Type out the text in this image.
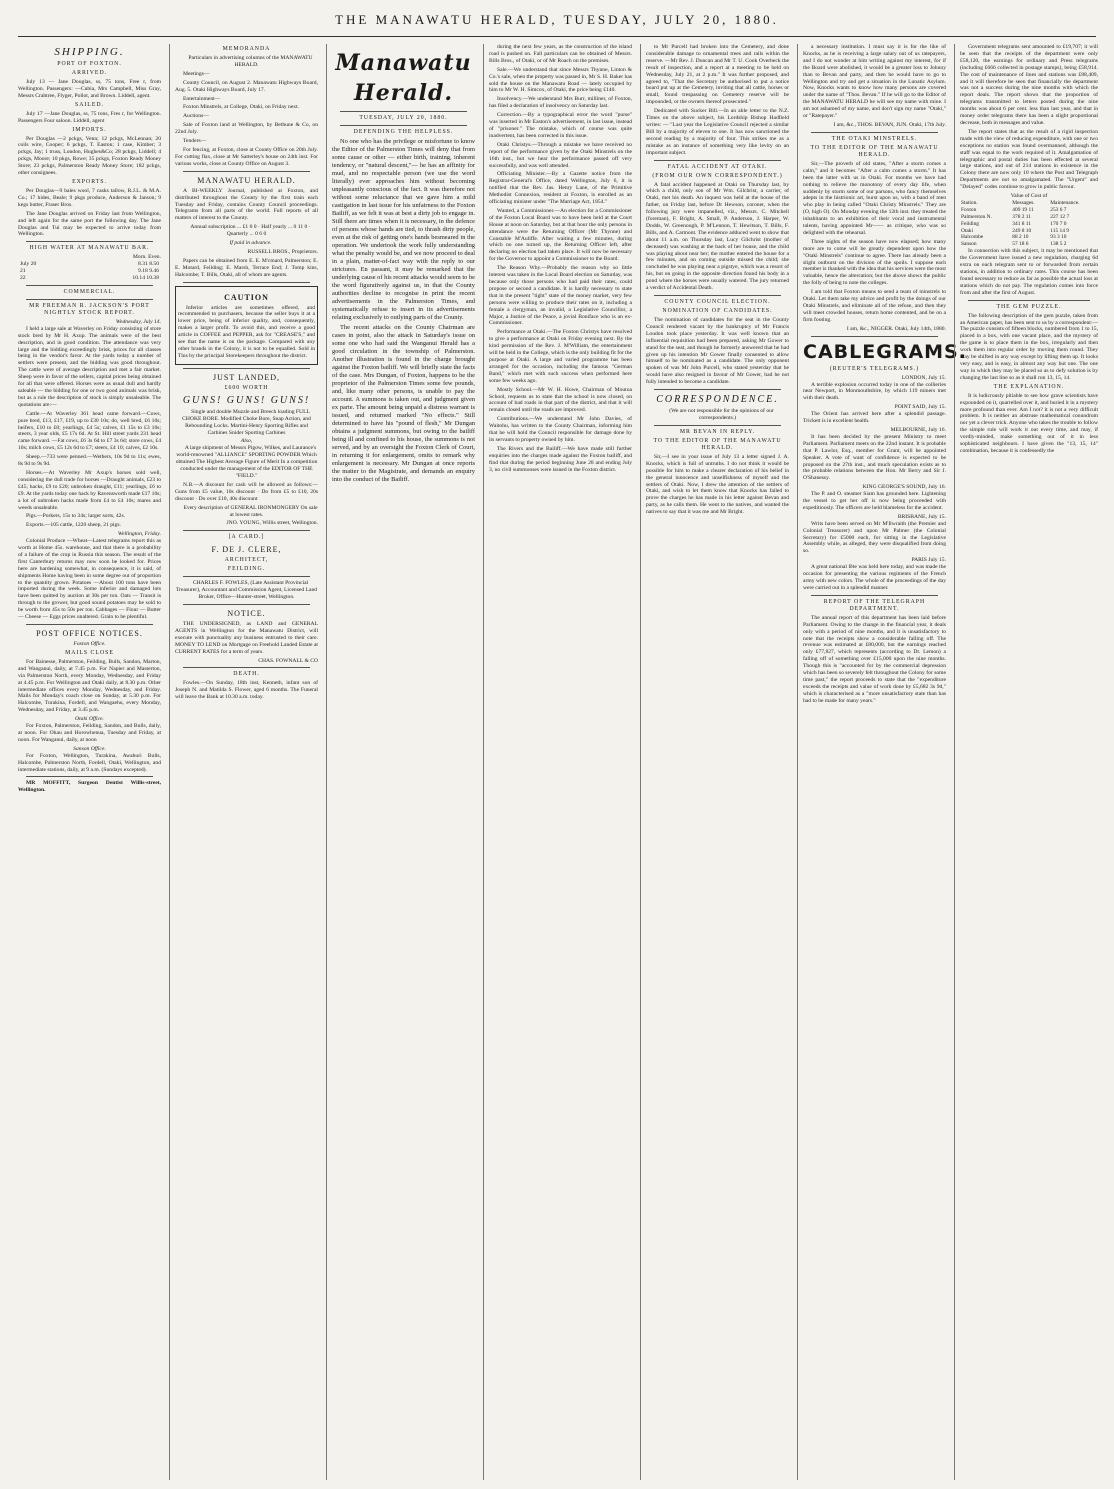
THE MANAWATU HERALD, TUESDAY, JULY 20, 1880.
SHIPPING.
PORT OF FOXTON.
ARRIVED.

July 13 — Jane Douglas, ss, 75 tons, Free r, from Wellington. Passengers: —Cubia, Mrs Campbell, Miss Gray, Messrs Crabtree, Flyger, Pollot, and Brown. Liddell, agent.

SAILED.

July 17 —Jane Douglas, ss, 75 tons, Fres r, for Wellington. Passengers Four saloon. Liddell, agent

IMPORTS.

Per Douglas —2 pckgs, Venn; 12 pckgs, McLennan; 20 coils wire, Cooper; 6 pckgs, T. Easton; 1 case, Kimber; 3 pckgs, Jay; 1 truss, London, Hughes&Co; 28 pckgs, Liddell; 4 pckgs, Moore; 10 pkgs, Rowe; 35 pckgs, Foxton Ready Money Store; 23 pckgs, Palmerston Ready Money Store; 182 pckgs, other consignees.

EXPORTS.

Per Douglas—9 bales wool, 7 casks tallow, R.J.L. & M.A. Co.; 17 hides, Beale; 9 pkgs produce, Anderson & Janson; 9 kegs butter, Fraser Bros.

The Jane Douglas arrived on Friday last from Wellington, and left again for the same port the following day. The Jane Douglas and Tui may be expected to arrive today from Wellington.

HIGH WATER AT MANAWATU BAR.
Morn. Even.
July 20	8.31 8.50
21	9.18 9.46
22	10.14 10.38
COMMERCIAL.
MR FREEMAN R. JACKSON'S PORT NIGHTLY STOCK REPORT.
Wednesday, July 14.

I held a large sale at Waverley on Friday consisting of store stock bred by Mr H. Axup. The animals were of the best description, and in good condition. The attendance was very large and the bidding exceedingly brisk, prices for all classes being in the vendor's favor. At the yards today a number of settlers were present, and the bidding was good throughout. The cattle were of average description and met a fair market. Sheep were in favor of the sellers, capital prices being obtained for all that were offered. Horses were as usual dull and hardly saleable — the bidding for one or two good animals was brisk, but as a rule the description of stock is simply unsaleable. The quotations are:—

Cattle.—At Waverley 361 head came forward.—Cows, pure bred, £13, £17, £19, up to £30 10s; do, well bred, £6 10s; heifers, £10 to £8; yearlings, £4 5s; calves, £1 15s to £3 10s; steers, 3 year olds, £5 17s 6d. At St. Hill street yards 231 head came forward. —Fat cows, £6 3s 6d to £7 3s 6d; store cows, £4 10s; milch cows, £5 12s 6d to £7; steers, £4 10; calves, £2 10s.

Sheep.—733 were penned.—Wethers, 10s 9d to 11s; ewes, 8s 9d to 9s 9d.

Horses.—At Waverley Mr Axup's horses sold well, considering the dull trade for horses —Draught animals, £23 to £45; hacks, £9 to £20; unbroken draught, £11; yearlings, £6 to £9. At the yards today one hack by Ravensworth made £17 10s; a lot of unbroken hacks made from £4 to £4 10s; mares and weeds unsaleable.

Pigs.—Porkers, 15s to 34s; larger sorts, 42s.

Exports.—105 cattle, 1220 sheep, 21 pigs.

Wellington, Friday.

Colonial Produce —Wheat—Latest telegrams report this as worth at Home 45s. warehouse, and that there is a probability of a failure of the crop in Russia this season. The result of the first Canterbury returns may now soon be looked for. Prices here are hardening somewhat, in consequence, it is said, of shipments Home having been in some degree out of proportion to the quantity grown. Potatoes —About 100 tons have been imported during the week. Some inferior and damaged lots have been quitted by auction at 30s per ton. Oats — Transit is through to the grower, but good sound potatoes may be sold to be worth from 45s to 50s per ton. Cabbages — Flour — Butter — Cheese — Eggs prices unaltered. Grain to be plentiful.

POST OFFICE NOTICES.
Foxton Office.
MAILS CLOSE

For Bainesse, Palmerston, Feilding, Bulls, Sandon, Marton, and Wanganui, daily, at 7.45 p.m. For Napier and Masterton, via Palmerston North, every Monday, Wednesday, and Friday at 4.45 p.m. For Wellington and Otaki daily, at 8.30 p.m. Other intermediate offices every Monday, Wednesday, and Friday. Mails for Monday's coach close on Sunday, at 5.30 p.m. For Halcombe, Turakina, Fordell, and Wangaehu, every Monday, Wednesday, and Friday, at 3.45 p.m.

Otaki Office.

For Foxton, Palmerston, Feilding, Sandon, and Bulls, daily, at noon. For Ohau and Horowhenua, Tuesday and Friday, at noon. For Wanganui, daily, at noon

Sanson Office.

For Foxton, Wellington, Turakina, Awahuri Bulls, Halcombe, Palmerston North, Fordell, Otaki, Wellington, and intermediate stations, daily, at 9 a.m. (Sundays excepted).

MR MOFFITT, Surgeon Dentist Willis-street, Wellington.

MEMORANDA

Particulars in advertising columns of the MANAWATU HERALD.

Meetings—

County Council, on August 2. Manawatu Highways Board, Aug. 5. Otaki Highways Board, July 17.

Entertainment—

Foxton Minstrels, at College, Otaki, on Friday next.

Auctions—

Sale of Foxton land at Wellington, by Bethune & Co, on 22nd July.

Tenders—

For fencing, at Foxton, close at County Office on 20th July. For cutting flax, close at Mr Satterley's house on 24th inst. For various works, close at County Office on August 3.

MANAWATU HERALD.

A BI-WEEKLY Journal, published at Foxton, and distributed throughout the County by the first train each Tuesday and Friday, contains County Council proceedings. Telegrams from all parts of the world. Full reports of all matters of interest to the County.

Annual subscription ... £1 0 0 · Half yearly ... 0 11 0 · Quarterly ... 0 6 0

If paid in advance.

RUSSELL BROS., Proprietors.

Papers can be obtained from E. E. M'cmard, Palmerston; E. E. Motard, Feilding; E. Marsh, Terrace End; J. Tomp kins, Halcombe; T. Bills, Otaki, all of whom are agents.

CAUTION

Inferior articles are sometimes offered, and recommended to purchasers, because the seller buys it at a lower price, being of inferior quality, and, consequently, makes a larger profit. To avoid this, and receive a good article in COFFEE and PEPPER, ask for "CREASE'S," and see that the name is on the package. Compared with any other brands in the Colony, it is not to be equalled. Sold in Tins by the principal Storekeepers throughout the district.

JUST LANDED,
£600 WORTH
GUNS! GUNS! GUNS!

Single and double Muzzle and Breech loading FULL CHOKE BORE. Modified Choke Bore, Snap Action, and Rebounding Locks. Martini-Henry Sporting Rifles and Carbines Snider Sporting Carbines

Also,

A large shipment of Messrs Pigow, Wilkes, and Laurance's world-renowned "ALLIANCE" SPORTING POWDER Which obtained The Highest Average Figure of Merit In a competition conducted under the management of the EDITOR OF THE "FIELD."

N.B.—A discount for cash will be allowed as follows:— Guns from £5 value, 10s discount · Do from £5 to £10, 20s discount · Do over £10, 40s discount

Every description of GENERAL IRONMONGERY On sale at lowest rates.

JNO. YOUNG, Willis street, Wellington.

[A CARD.]
F. DE J. CLERE,
ARCHITECT,
FEILDING.

CHARLES F. FOWLES, (Late Assistant Provincial Treasurer), Accountant and Commission Agent, Licensed Land Broker, Office—Hunter-street, Wellington.

NOTICE.

THE UNDERSIGNED, as LAND and GENERAL AGENTS in Wellington for the Manawatu District, will execute with punctuality any business entrusted to their care. MONEY TO LEND on Mortgage on Freehold Landed Estate at CURRENT RATES for a term of years.

CHAS. FOWNALL & CO

DEATH.

Fowles.—On Sunday, 18th inst, Kenneth, infant son of Joseph N. and Matilda S. Flower, aged 6 months. The Funeral will leave the Bank at 10.30 a.m. today.

Manawatu Herald.
TUESDAY, JULY 20, 1880.
DEFENDING THE HELPLESS.

No one who has the privilege or misfortune to know the Editor of the Palmerston Times will deny that from some cause or other — either birth, training, inherent tendency, or "natural descent,"— he has an affinity for mud, and no respectable person (we use the word literally) ever approaches him without becoming unpleasantly conscious of the fact. It was therefore not without some reluctance that we gave him a mild castigation in last issue for his unfairness to the Foxton Bailiff, as we felt it was at best a dirty job to engage in. Still there are times when it is necessary, in the defence of persons whose hands are tied, to thrash dirty people, even at the risk of getting one's hands besmeared in the operation. We undertook the work fully understanding what the penalty would be, and we now proceed to deal in a plain, matter-of-fact way with the reply to our strictures. En passant, it may be remarked that the underlying cause of his recent attacks would seem to be the word figuratively against us, in that the County authorities decline to recognise in print the recent advertisements in the Palmerston Times, and systematically refuse to insert in its advertisements relating exclusively to outlying parts of the County.

The recent attacks on the County Chairman are cases in point, also the attack in Saturday's issue on some one who had said the Wanganui Herald has a good circulation in the township of Palmerston. Another illustration is found in the charge brought against the Foxton bailiff. We will briefly state the facts of the case. Mrs Dungan, of Foxton, happens to be the proprietor of the Palmerston Times some few pounds, and, like many other persons, is unable to pay the account. A summons is taken out, and judgment given ex parte. The amount being unpaid a distress warrant is issued, and returned marked "No effects." Still determined to have his "pound of flesh," Mr Dungan obtains a judgment summons, but owing to the bailiff being ill and confined to his house, the summons is not served, and by an oversight the Foxton Clerk of Court, in returning it for enlargement, omits to remark why enlargement is necessary. Mr Dungan at once reports the matter to the Magistrate, and demands an enquiry into the conduct of the Bailiff.

during the next few years, as the construction of the island road is pushed on. Fall particulars can be obtained of Messrs. Bills Bros., of Otaki, or of Mr Roach on the premises.

Sale.—We understand that since Messrs Thynne, Linton & Co.'s sale, when the property was passed in, Mr S. H. Baker has sold the house on the Manawatu Road — lately occupied by him to Mr W. H. Simcox, of Otaki, the price being £140.

Insolvency.—We understand Mrs Burr, milliner, of Foxton, has filed a declaration of insolvency on Saturday last.

Correction.—By a typographical error the word "purse" was inserted in Mr Easton's advertisement, in last issue, instead of "prisoner." The mistake, which of course was quite inadvertent, has been corrected in this issue.

Otaki Christys.—Through a mistake we have received no report of the performance given by the Otaki Minstrels on the 16th inst., but we hear the performance passed off very successfully, and was well attended.

Officiating Minister.—By a Gazette notice from the Registrar-General's Office, dated Wellington, July 6, it is notified that the Rev. Jas. Henry Lane, of the Primitive Methodist Connexion, resident at Foxton, is enrolled as an officiating minister under "The Marriage Act, 1854."

Wanted, a Commissioner.—An election for a Commissioner of the Foxton Local Board was to have been held at the Court House at noon on Saturday, but at that hour the only persons in attendance were the Returning Officer (Mr Thynne) and Constable M'Auliffe. After waiting a few minutes, during which no one turned up, the Returning Officer left, after declaring no election had taken place. It will now be necessary for the Governor to appoint a Commissioner to the Board.

The Reason Why.—Probably the reason why so little interest was taken in the Local Board election on Saturday, was because only those persons who had paid their rates, could propose or second a candidate. It is hardly necessary to state that in the present "tight" state of the money market, very few persons were willing to produce their rates on it, including a female a clergyman, an invalid, a Legislative Councillor, a Major, a Justice of the Peace, a jovial Boniface who is an ex-Commissioner.

Performance at Otaki.—The Foxton Christys have resolved to give a performance at Otaki on Friday evening next. By the kind permission of the Rev. J. M'William, the entertainment will be held in the College, which is the only building fit for the purpose at Otaki. A large and varied programme has been arranged for the occasion, including the famous "German Band," which met with such success when performed here some few weeks ago.

Mostly School.—Mr W. H. Howe, Chairman of Moutoa School, requests us to state that the school is now closed, on account of bad roads in that part of the district, and that it will remain closed until the roads are improved.

Contributions.—We understand Mr John Davies, of Waitohu, has written to the County Chairman, informing him that he will hold the Council responsible for damage done by its servants to property owned by him.

The Rivers and the Bailiff.—We have made still further enquiries into the charges made against the Foxton bailiff, and find that during the period beginning June 28 and ending July 3, no civil summonses were issued in the Foxton district.

to Mr Purcell had broken into the Cemetery, and done considerable damage to ornamental trees and rails within the reserve. —Mr Rev. J. Duncan and Mr T. U. Cook Overbeck the result of inspection, and a report at a meeting to be held on Wednesday, July 21, at 2 p.m." It was further proposed, and agreed to, "That the Secretary be authorised to put a notice board put up at the Cemetery, inviting that all cattle, horses or small, found trespassing on Cemetery reserve will be impounded, or the owners thereof prosecuted."

Dedicated with Sucker Bill.—In an able letter to the N.Z. Times on the above subject, his Lordship Bishop Hadfield writes: — "Last year the Legislative Council rejected a similar Bill by a majority of eleven to one. It has now sanctioned the second reading by a majority of four. This strikes me as a mistake as an instance of something very like levity on an important subject.

FATAL ACCIDENT AT OTAKI.
(FROM OUR OWN CORRESPONDENT.)

A fatal accident happened at Otaki on Thursday last, by which a child, only son of Mr Wm. Gilchrist, a carrier, of Otaki, met his death. An inquest was held at the house of the father, on Friday last, before Dr Hewson, coroner, when the following jury were impanelled, viz., Messrs. C. Mitchell (foreman), F. Bright, A. Small, P. Anderson, J. Harper, W. Dodds, W. Greenough, P. M'Lennon, T. Hewitson, T. Bills, F. Bills, and A. Carmont. The evidence adduced went to show that about 11 a.m. on Thursday last, Lucy Gilchrist (mother of deceased) was washing at the back of her house, and the child was playing about near her; the mother entered the house for a few minutes, and on coming outside missed the child; she concluded he was playing near a pigstye, which was a resort of his, but on going in the opposite direction found his body in a pond where the horses were usually watered. The jury returned a verdict of Accidental Death.

COUNTY COUNCIL ELECTION.
NOMINATION OF CANDIDATES.

The nomination of candidates for the seat in the County Council rendered vacant by the bankruptcy of Mr Francis Loudon took place yesterday. It was well known that an influential requisition had been prepared, asking Mr Gower to stand for the seat, and though he formerly answered that he had given up his intention Mr Gower finally consented to allow himself to be nominated as a candidate. The only opponent spoken of was Mr John Purcell, who stated yesterday that he would have also resigned in favour of Mr Gower, had he not fully intended to become a candidate.

CORRESPONDENCE.

(We are not responsible for the opinions of our correspondents.)

MR BEVAN IN REPLY.
TO THE EDITOR OF THE MANAWATU HERALD.

Sir,—I see in your issue of July 13 a letter signed J. A. Knocks, which is full of untruths. I do not think it would be possible for him to make a clearer declaration of his belief in the general innocence and unselfishness of myself and the settlers of Otaki. Now, I drew the attention of the settlers of Otaki, and wish to let them know that Knocks has failed to prove the charges he has made in his letter against Bevan and party, as he calls them. He went to the natives, and wanted the natives to say that it was me and Mr Bright.

a necessary institution. I must say it is for the like of Knocks, as he is receiving a large salary out of us ratepayers, and I do not wonder at him writing against my interest, for if the Board were abolished, it would be a greater loss to Johnny than to Bevan and party, and then he would have to go to Wellington and try and get a situation in the Lunatic Asylum. Now, Knocks wants to know how many persons are covered under the name of "Thos. Bevan." If he will go to the Editor of the MANAWATU HERALD he will see my name with mine. I am not ashamed of my name, and don't sign my name "Otaki," or "Ratepayer."

I am, &c., THOS. BEVAN, JUN. Otaki, 17th July.

THE OTAKI MINSTRELS.
TO THE EDITOR OF THE MANAWATU HERALD.

Sir,—The proverb of old states, "After a storm comes a calm," and it becomes "After a calm comes a storm." It has been the latter with us in Otaki. For months we have had nothing to relieve the monotony of every day life, when suddenly by storm some of our parsons, who fancy themselves adepts in the histrionic art, burst upon us, with a band of men who play in being called "Otaki Christy Minstrels." They are (O, high O). On Monday evening the 12th inst. they treated the inhabitants to an exhibition of their vocal and instrumental talents, having appointed Mr—— as critique, who was so delighted with the rehearsal.

Three nights of the season have now elapsed; how many more are to come will be greatly dependent upon how the "Otaki Minstrels" continue to agree. There has already been a slight outburst on the division of the spoils. I suppose each member is thanked with the idea that his services were the most valuable, hence the altercation; but the above shows the public the folly of being to note the colleges.

I am told that Foxton means to send a team of minstrels to Otaki. Let them take my advice and profit by the doings of our Otaki Minstrels, and eliminate all of the refuse, and then they will meet crowded houses, return home contented, and be on a firm footing.

I am, &c., NIGGER. Otaki, July 14th, 1880.

CABLEGRAMS.
(REUTER'S TELEGRAMS.)
LONDON, July 15.

A terrible explosion occurred today in one of the collieries near Newport, in Monmouthshire, by which 119 miners met with their death.

POINT SAID, July 15.

The Orient has arrived here after a splendid passage. Trickett is in excellent health.

MELBOURNE, July 16.

It has been decided by the present Ministry to meet Parliament. Parliament meets on the 22nd instant. It is probable that P. Lawlor, Esq., member for Grant, will be appointed Speaker. A vote of want of confidence is expected to be proposed on the 27th inst., and much speculation exists as to the probable relations between the Hon. Mr Berry and Sir J. O'Shanessy.

KING GEORGE'S SOUND, July 16.

The P. and O. steamer Siam has grounded here. Lightening the vessel to get her off is now being proceeded with expeditiously. The officers are held blameless for the accident.

BRISBANE, July 15.

Writs have been served on Mr M'Ilwraith (the Premier and Colonial Treasurer) and upon Mr Palmer (the Colonial Secretary) for £5000 each, for sitting in the Legislative Assembly while, as alleged, they were disqualified from doing so.

PARIS July 15.

A great national fête was held here today, and was made the occasion for presenting the various regiments of the French army with new colors. The whole of the proceedings of the day were carried out in a splendid manner.

REPORT OF THE TELEGRAPH DEPARTMENT.

The annual report of this department has been laid before Parliament. Owing to the change in the financial year, it deals only with a period of nine months, and it is unsatisfactory to note that the receipts show a considerable falling off. The revenue was estimated at £80,000, but the earnings reached only £77,827, which represents (according to Dr. Lemon) a falling off of something over £15,000 upon the nine months. Though this is "accounted for by the commercial depression which has been so severely felt throughout the Colony for some time past," the report proceeds to state that the "expenditure exceeds the receipts and value of work done by £5,682 3s 9d," which is characterised as a "more unsatisfactory state than has had to be made for many years."

Government telegrams sent amounted to £19,707; it will be seen that the receipts of the department were only £58,120, the earnings for ordinary and Press telegrams (including £666 collected in postage stamps), being £58,914. The cost of maintenance of lines and stations was £88,409, and it will therefore be seen that financially the department was not a success during the nine months with which the report deals. The report shows that the proportion of telegrams transmitted to letters posted during the nine months was about 6 per cent. less than last year, and that in money order telegrams there has been a slight proportional decrease, both in messages and value.

The report states that as the result of a rigid inspection made with the view of reducing expenditure, with one or two exceptions no station was found overmanned, although the staff was equal to the work required of it. Amalgamation of telegraphic and postal duties has been effected at several large stations, and out of 214 stations in existence in the Colony there are now only 10 where the Post and Telegraph Departments are not so amalgamated. The "Urgent" and "Delayed" codes continue to grow in public favour.

Value of Cost of
Station.	Messages.	Maintenance.
Foxton	409 19 11	253 6 7
Palmerston N.	378 2 11	227 12 7
Feilding	341 8 11	170 7 0
Otaki	249 8 10	115 14 9
Halcombe	88 2 10	93 3 10
Sanson	57 18 6	138 5 2

In connection with this subject, it may be mentioned that the Government have issued a new regulation, charging 6d extra on each telegram sent to or forwarded from certain stations, in addition to ordinary rates. This course has been found necessary to reduce as far as possible the actual loss at stations which do not pay. The regulation comes into force from and after the first of August.

THE GEM PUZZLE.

The following description of the gem puzzle, taken from an American paper, has been sent to us by a correspondent:— The puzzle consists of fifteen blocks, numbered from 1 to 15, placed in a box, with one vacant place, and the mystery of the game is to place them in the box, irregularly and then work them into regular order by moving them round. They may be shifted in any way except by lifting them up. It looks very easy, and is easy, in almost any way but one. The one way in which they may be placed so as to defy solution is by changing the last line so as it shall run 13, 15, 14.

THE EXPLANATION.

It is ludicrously pitiable to see how grave scientists have expounded on it, quarrelled over it, and buried it in a mystery more profound than ever. Am I not? it is not a very difficult problem. It is neither an abstruse mathematical conundrum nor yet a clever trick. Anyone who takes the trouble to follow the simple rule will work it out every time, and may, if vordly-minded, make something out of it in less sophisticated neighbours. I have given the "13, 15, 14" combination, because it is confessedly the
